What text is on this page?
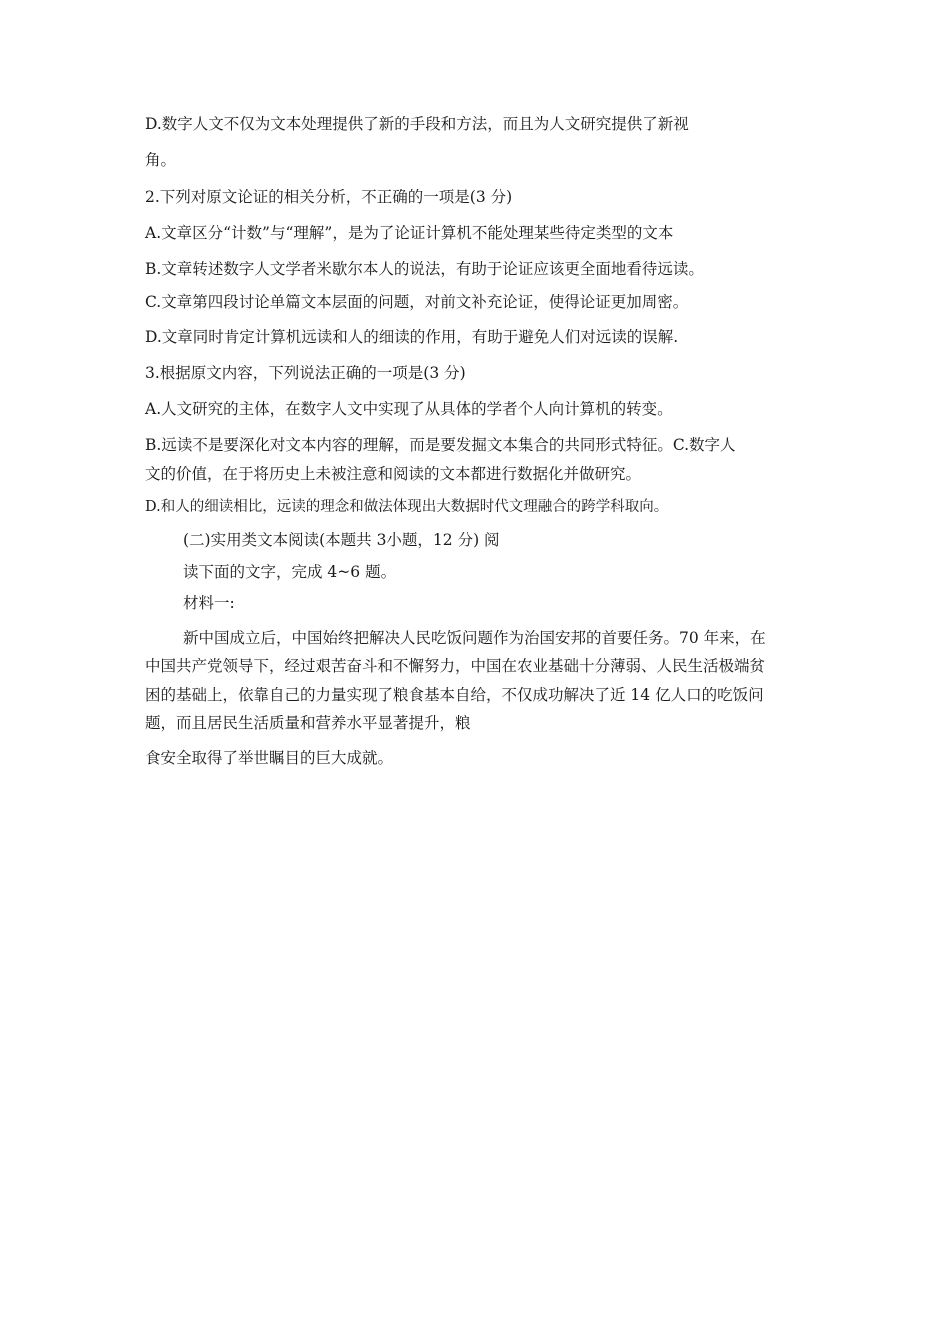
D.数字人文不仅为文本处理提供了新的手段和方法，而且为人文研究提供了新视
角。
2.下列对原文论证的相关分析，不正确的一项是(3 分)
A.文章区分“计数”与“理解”，是为了论证计算机不能处理某些待定类型的文本
B.文章转述数字人文学者米歇尔本人的说法，有助于论证应该更全面地看待远读。
C.文章第四段讨论单篇文本层面的问题，对前文补充论证，使得论证更加周密。
D.文章同时肯定计算机远读和人的细读的作用，有助于避免人们对远读的误解.
3.根据原文内容，下列说法正确的一项是(3 分)
A.人文研究的主体，在数字人文中实现了从具体的学者个人向计算机的转变。
B.远读不是要深化对文本内容的理解，而是要发掘文本集合的共同形式特征。C.数字人
文的价值，在于将历史上未被注意和阅读的文本都进行数据化并做研究。
D.和人的细读相比，远读的理念和做法体现出大数据时代文理融合的跨学科取向。
(二)实用类文本阅读(本题共 3小题，12 分) 阅
读下面的文字，完成 4~6 题。
材料一:
新中国成立后，中国始终把解决人民吃饭问题作为治国安邦的首要任务。70 年来，在
中国共产党领导下，经过艰苦奋斗和不懈努力，中国在农业基础十分薄弱、人民生活极端贫
困的基础上，依靠自己的力量实现了粮食基本自给，不仅成功解决了近 14 亿人口的吃饭问
题，而且居民生活质量和营养水平显著提升，粮
食安全取得了举世瞩目的巨大成就。
